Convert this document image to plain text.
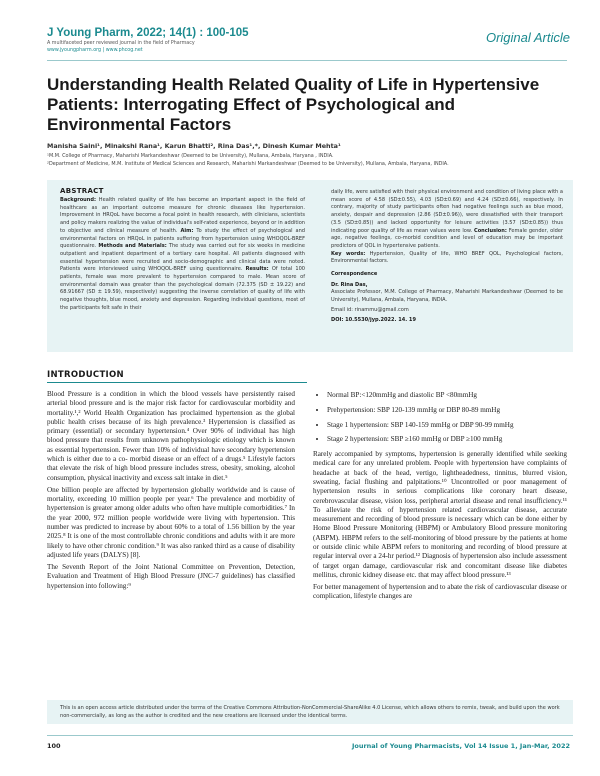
J Young Pharm, 2022; 14(1) : 100-105
A multifaceted peer reviewed journal in the field of Pharmacy
www.jyoungpharm.org | www.phcog.net
Original Article
Understanding Health Related Quality of Life in Hypertensive Patients: Interrogating Effect of Psychological and Environmental Factors
Manisha Saini¹, Minakshi Rana¹, Karun Bhatti², Rina Das¹,*, Dinesh Kumar Mehta¹
¹M.M. College of Pharmacy, Maharishi Markandeshwar (Deemed to be University), Mullana, Ambala, Haryana , INDIA.
²Department of Medicine, M.M. Institute of Medical Sciences and Research, Maharishi Markandeshwar (Deemed to be University), Mullana, Ambala, Haryana, INDIA.
ABSTRACT
Background: Health related quality of life has become an important aspect in the field of healthcare as an important outcome measure for chronic diseases like hypertension. Improvement in HRQoL have become a focal point in health research, with clinicians, scientists and policy makers realizing the value of individual's self-rated experience, beyond or in addition to objective and clinical measure of health. Aim: To study the effect of psychological and environmental factors on HRQoL in patients suffering from hypertension using WHOQOL-BREF questionnaire. Methods and Materials: The study was carried out for six weeks in medicine outpatient and inpatient department of a tertiary care hospital. All patients diagnosed with essential hypertension were recruited and socio-demographic and clinical data were noted. Patients were interviewed using WHOQOL-BREF using questionnaire. Results: Of total 100 patients, female was more prevalent to hypertension compared to male. Mean score of environmental domain was greater than the psychological domain (72.375 (SD ± 19.22) and 68.91667 (SD ± 19.59), respectively) suggesting the inverse correlation of quality of life with negative thoughts, blue mood, anxiety and depression. Regarding individual questions, most of the participants felt safe in their

daily life, were satisfied with their physical environment and condition of living place with a mean score of 4.58 (SD±0.55), 4.03 (SD±0.69) and 4.24 (SD±0.66), respectively. In contrary, majority of study participants often had negative feelings such as blue mood, anxiety, despair and depression (2.86 (SD±0.96)), were dissatisfied with their transport (3.5 (SD±0.85)) and lacked opportunity for leisure activities (3.57 (SD±0.85)) thus indicating poor quality of life as mean values were low. Conclusion: Female gender, older age, negative feelings, co-morbid condition and level of education may be important predictors of QOL in hypertensive patients.

Key words: Hypertension, Quality of life, WHO BREF QOL, Psychological factors, Environmental factors.

Correspondence

Dr. Rina Das,

Associate Professor, M.M. College of Pharmacy, Maharishi Markandeshwar (Deemed to be University), Mullana, Ambala, Haryana, INDIA.

Email id: rinammu@gmail.com

DOI: 10.5530/jyp.2022. 14. 19

INTRODUCTION

Blood Pressure is a condition in which the blood vessels have persistently raised arterial blood pressure and is the major risk factor for cardiovascular morbidity and mortality.¹,² World Health Organization has proclaimed hypertension as the global public health crises because of its high prevalence.³ Hypertension is classified as primary (essential) or secondary hypertension.⁴ Over 90% of individual has high blood pressure that results from unknown pathophysiologic etiology which is known as essential hypertension. Fewer than 10% of individual have secondary hypertension which is either due to a co- morbid disease or an effect of a drugs.⁵ Lifestyle factors that elevate the risk of high blood pressure includes stress, obesity, smoking, alcohol consumption, physical inactivity and excess salt intake in diet.⁵

One billion people are affected by hypertension globally worldwide and is cause of mortality, exceeding 10 million people per year.⁶ The prevalence and morbidity of hypertension is greater among older adults who often have multiple comorbidities.⁷ In the year 2000, 972 million people worldwide were living with hypertension. This number was predicted to increase by about 60% to a total of 1.56 billion by the year 2025.⁸ It is one of the most controllable chronic conditions and adults with it are more likely to have other chronic condition.⁹ It was also ranked third as a cause of disability adjusted life years (DALYS) [8].

The Seventh Report of the Joint National Committee on Prevention, Detection, Evaluation and Treatment of High Blood Pressure (JNC-7 guidelines) has classified hypertension into following:⁹

• Normal BP:<120mmHg and diastolic BP <80mmHg
• Prehypertension: SBP 120-139 mmHg or DBP 80-89 mmHg
• Stage 1 hypertension: SBP 140-159 mmHg or DBP 90-99 mmHg
• Stage 2 hypertension: SBP ≥160 mmHg or DBP ≥100 mmHg

Rarely accompanied by symptoms, hypertension is generally identified while seeking medical care for any unrelated problem. People with hypertension have complaints of headache at back of the head, vertigo, lightheadedness, tinnitus, blurred vision, sweating, facial flushing and palpitations.¹⁰ Uncontrolled or poor management of hypertension results in serious complications like coronary heart disease, cerebrovascular disease, vision loss, peripheral arterial disease and renal insufficiency.¹¹ To alleviate the risk of hypertension related cardiovascular disease, accurate measurement and recording of blood pressure is necessary which can be done either by Home Blood Pressure Monitoring (HBPM) or Ambulatory Blood pressure monitoring (ABPM). HBPM refers to the self-monitoring of blood pressure by the patients at home or outside clinic while ABPM refers to monitoring and recording of blood pressure at regular interval over a 24-hr period.¹² Diagnosis of hypertension also include assessment of target organ damage, cardiovascular risk and concomitant disease like diabetes mellitus, chronic kidney disease etc. that may affect blood pressure.¹³

For better management of hypertension and to abate the risk of cardiovascular disease or complication, lifestyle changes are

This is an open access article distributed under the terms of the Creative Commons Attribution-NonCommercial-ShareAlike 4.0 License, which allows others to remix, tweak, and build upon the work non-commercially, as long as the author is credited and the new creations are licensed under the identical terms.
100	Journal of Young Pharmacists, Vol 14 Issue 1, Jan-Mar, 2022
